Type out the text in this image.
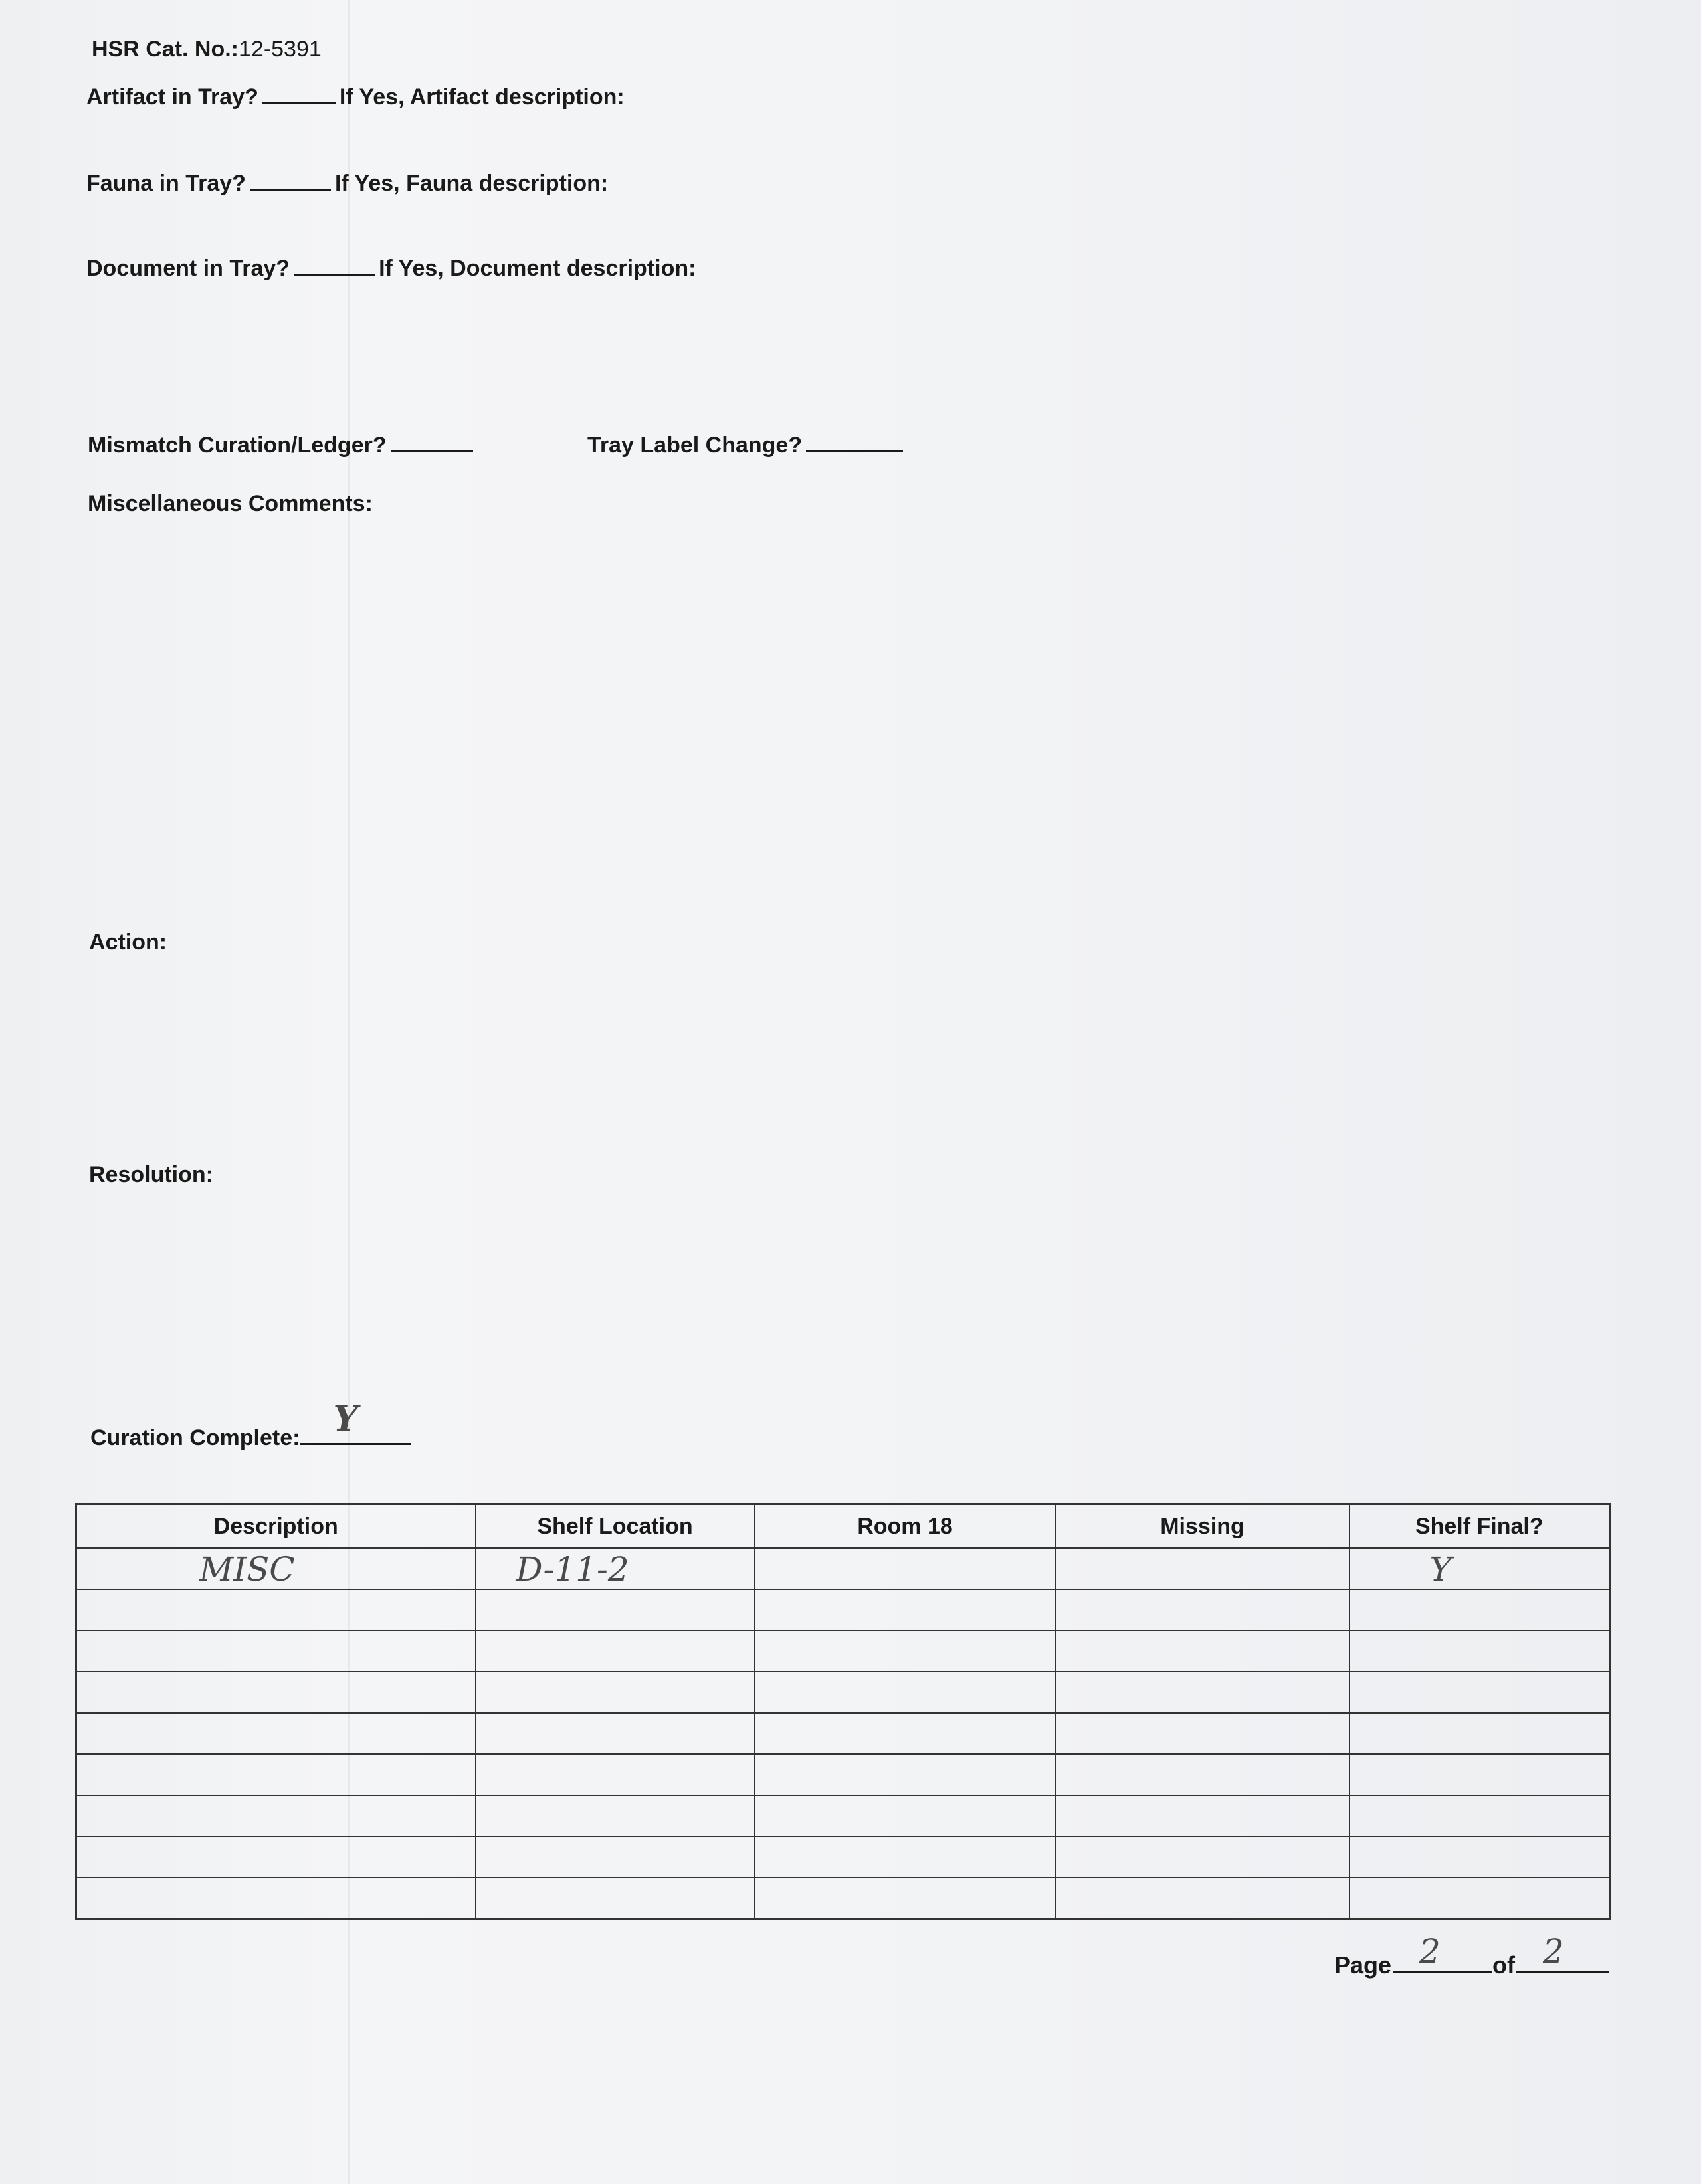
HSR Cat. No.:12-5391
Artifact in Tray?	If Yes, Artifact description:
Fauna in Tray?	If Yes, Fauna description:
Document in Tray?	If Yes, Document description:
Mismatch Curation/Ledger?	Tray Label Change?
Miscellaneous Comments:
Action:
Resolution:
Curation Complete: Y
Description	Shelf Location	Room 18	Missing	Shelf Final?

MISC	D-11-2			Y

Page 2 of 2
